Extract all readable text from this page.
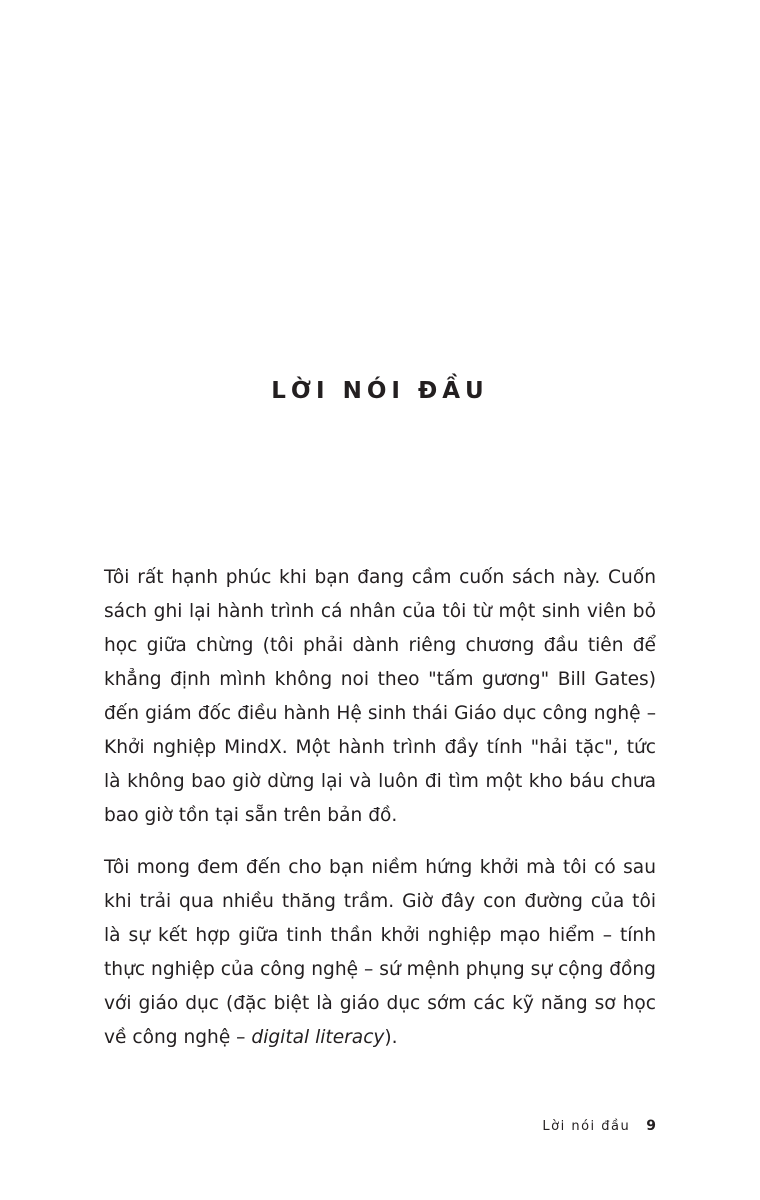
LỜI NÓI ĐẦU

Tôi rất hạnh phúc khi bạn đang cầm cuốn sách này. Cuốn sách ghi lại hành trình cá nhân của tôi từ một sinh viên bỏ học giữa chừng (tôi phải dành riêng chương đầu tiên để khẳng định mình không noi theo "tấm gương" Bill Gates) đến giám đốc điều hành Hệ sinh thái Giáo dục công nghệ – Khởi nghiệp MindX. Một hành trình đầy tính "hải tặc", tức là không bao giờ dừng lại và luôn đi tìm một kho báu chưa bao giờ tồn tại sẵn trên bản đồ.

Tôi mong đem đến cho bạn niềm hứng khởi mà tôi có sau khi trải qua nhiều thăng trầm. Giờ đây con đường của tôi là sự kết hợp giữa tinh thần khởi nghiệp mạo hiểm – tính thực nghiệp của công nghệ – sứ mệnh phụng sự cộng đồng với giáo dục (đặc biệt là giáo dục sớm các kỹ năng sơ học về công nghệ – digital literacy).

Lời nói đầu 9
